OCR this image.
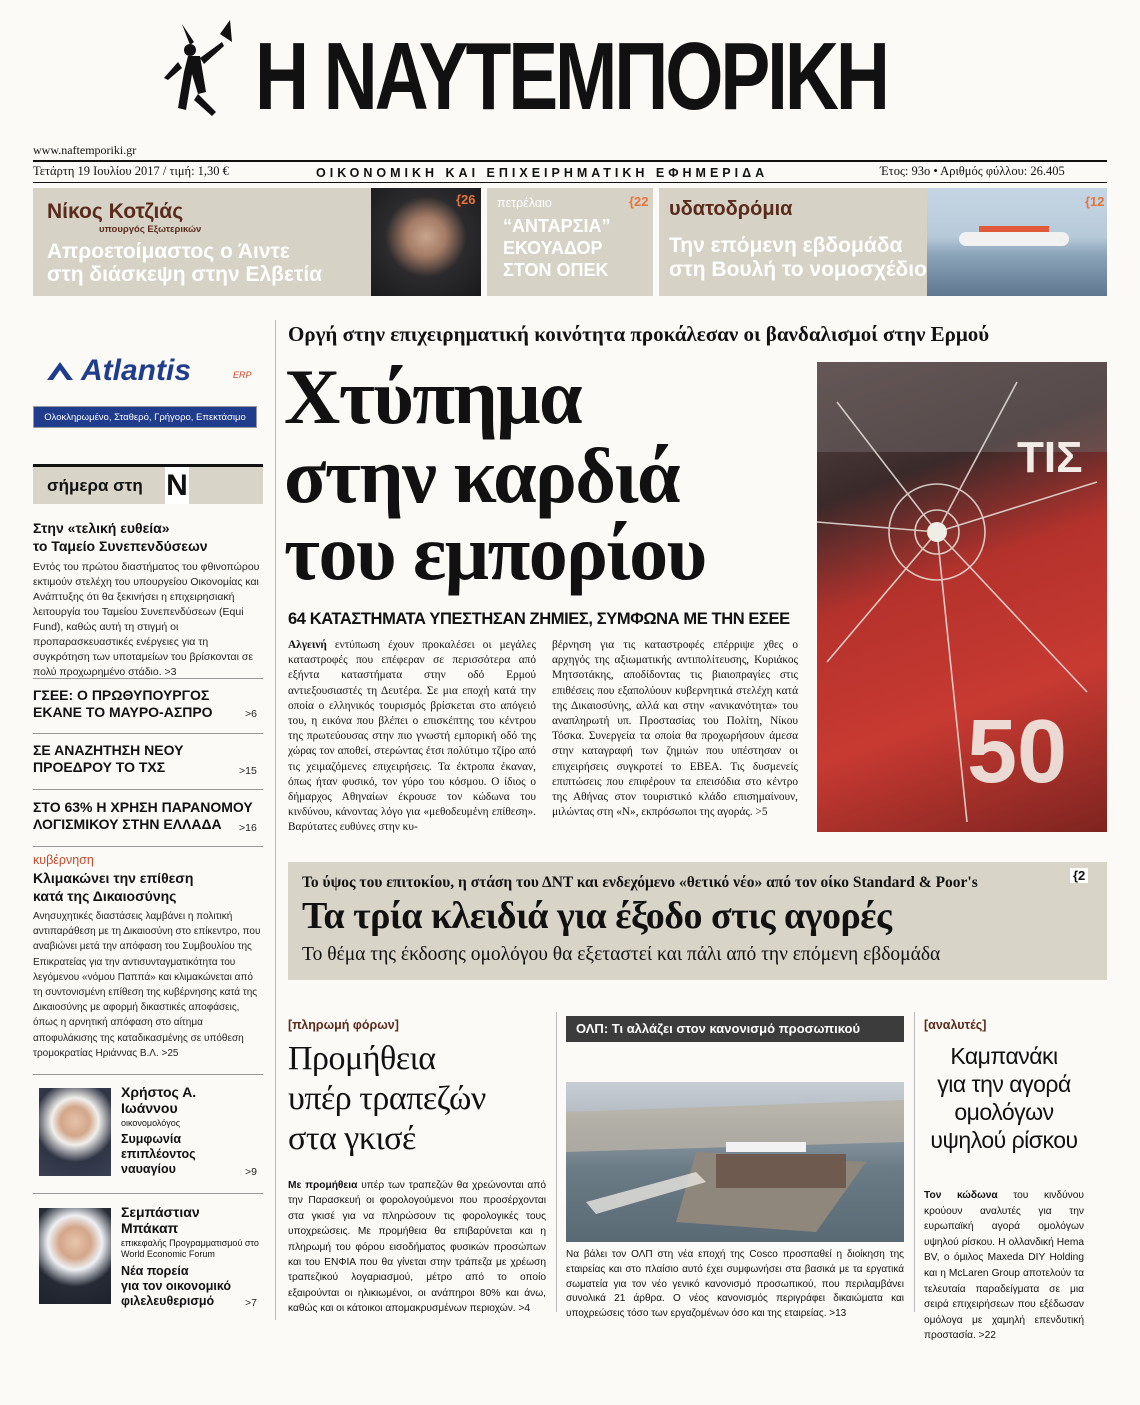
Η ΝΑΥΤΕΜΠΟΡΙΚΗ
www.naftemporiki.gr
Τετάρτη 19 Ιουλίου 2017 / τιμή: 1,30 €	ΟΙΚΟΝΟΜΙΚΗ ΚΑΙ ΕΠΙΧΕΙΡΗΜΑΤΙΚΗ ΕΦΗΜΕΡΙΔΑ	Έτος: 93ο • Αριθμός φύλλου: 26.405
Νίκος Κοτζιάς
υπουργός Εξωτερικών
Απροετοίμαστος ο Άιντε
στη διάσκεψη στην Ελβετία
{26 πετρέλαιο	{22
“ΑΝΤΑΡΣΙΑ”
ΕΚΟΥΑΔΟΡ
ΣΤΟΝ ΟΠΕΚ
υδατοδρόμια
Την επόμενη εβδομάδα
στη Βουλή το νομοσχέδιο
{12
Atlantis	ERP
Ολοκληρωμένο, Σταθερό, Γρήγορο, Επεκτάσιμο
σήμερα στη N
Στην «τελική ευθεία»
το Ταμείο Συνεπενδύσεων
Εντός του πρώτου διαστήματος του φθινοπώρου εκτιμούν στελέχη του υπουργείου Οικονομίας και Ανάπτυξης ότι θα ξεκινήσει η επιχειρησιακή λειτουργία του Ταμείου Συνεπενδύσεων (Equi Fund), καθώς αυτή τη στιγμή οι προπαρασκευαστικές ενέργειες για τη συγκρότηση των υποταμείων του βρίσκονται σε πολύ προχωρημένο στάδιο. >3
ΓΣΕΕ: Ο ΠΡΩΘΥΠΟΥΡΓΟΣ
ΕΚΑΝΕ ΤΟ ΜΑΥΡΟ-ΑΣΠΡΟ	>6
ΣΕ ΑΝΑΖΗΤΗΣΗ ΝΕΟΥ
ΠΡΟΕΔΡΟΥ ΤΟ ΤΧΣ	>15
ΣΤΟ 63% Η ΧΡΗΣΗ ΠΑΡΑΝΟΜΟΥ
ΛΟΓΙΣΜΙΚΟΥ ΣΤΗΝ ΕΛΛΑΔΑ	>16
κυβέρνηση
Κλιμακώνει την επίθεση
κατά της Δικαιοσύνης
Ανησυχητικές διαστάσεις λαμβάνει η πολιτική αντιπαράθεση με τη Δικαιοσύνη στο επίκεντρο, που αναβιώνει μετά την απόφαση του Συμβουλίου της Επικρατείας για την αντισυνταγματικότητα του λεγόμενου «νόμου Παππά» και κλιμακώνεται από τη συντονισμένη επίθεση της κυβέρνησης κατά της Δικαιοσύνης με αφορμή δικαστικές αποφάσεις, όπως η αρνητική απόφαση στο αίτημα αποφυλάκισης της καταδικασμένης σε υπόθεση τρομοκρατίας Ηριάννας Β.Λ. >25
Χρήστος Α.
Ιωάννου
οικονομολόγος
Συμφωνία
επιπλέοντος
ναυαγίου	>9
Σεμπάστιαν
Μπάκαπ
επικεφαλής Προγραμματισμού στο World Economic Forum
Νέα πορεία
για τον οικονομικό
φιλελευθερισμό	>7
Οργή στην επιχειρηματική κοινότητα προκάλεσαν οι βανδαλισμοί στην Ερμού
Χτύπημα
στην καρδιά
του εμπορίου
64 ΚΑΤΑΣΤΗΜΑΤΑ ΥΠΕΣΤΗΣΑΝ ΖΗΜΙΕΣ, ΣΥΜΦΩΝΑ ΜΕ ΤΗΝ ΕΣΕΕ
Αλγεινή εντύπωση έχουν προκαλέσει οι μεγάλες καταστροφές που επέφεραν σε περισσότερα από εξήντα καταστήματα στην οδό Ερμού αντιεξουσιαστές τη Δευτέρα. Σε μια εποχή κατά την οποία ο ελληνικός τουρισμός βρίσκεται στο απόγειό του, η εικόνα που βλέπει ο επισκέπτης του κέντρου της πρωτεύουσας στην πιο γνωστή εμπορική οδό της χώρας τον αποθεί, στερώντας έτσι πολύτιμο τζίρο από τις χειμαζόμενες επιχειρήσεις. Τα έκτροπα έκαναν, όπως ήταν φυσικό, τον γύρο του κόσμου. Ο ίδιος ο δήμαρχος Αθηναίων έκρουσε τον κώδωνα του κινδύνου, κάνοντας λόγο για «μεθοδευμένη επίθεση». Βαρύτατες ευθύνες στην κυ-
βέρνηση για τις καταστροφές επέρριψε χθες ο αρχηγός της αξιωματικής αντιπολίτευσης, Κυριάκος Μητσοτάκης, αποδίδοντας τις βιαιοπραγίες στις επιθέσεις που εξαπολύουν κυβερνητικά στελέχη κατά της Δικαιοσύνης, αλλά και στην «ανικανότητα» του αναπληρωτή υπ. Προστασίας του Πολίτη, Νίκου Τόσκα. Συνεργεία τα οποία θα προχωρήσουν άμεσα στην καταγραφή των ζημιών που υπέστησαν οι επιχειρήσεις συγκροτεί το ΕΒΕΑ. Τις δυσμενείς επιπτώσεις που επιφέρουν τα επεισόδια στο κέντρο της Αθήνας στον τουριστικό κλάδο επισημαίνουν, μιλώντας στη «Ν», εκπρόσωποι της αγοράς. >5
ΤΙΣ
50
Το ύψος του επιτοκίου, η στάση του ΔΝΤ και ενδεχόμενο «θετικό νέο» από τον οίκο Standard & Poor's	{2
Τα τρία κλειδιά για έξοδο στις αγορές
Το θέμα της έκδοσης ομολόγου θα εξεταστεί και πάλι από την επόμενη εβδομάδα
[πληρωμή φόρων]
Προμήθεια
υπέρ τραπεζών
στα γκισέ
Με προμήθεια υπέρ των τραπεζών θα χρεώνονται από την Παρασκευή οι φορολογούμενοι που προσέρχονται στα γκισέ για να πληρώσουν τις φορολογικές τους υποχρεώσεις. Με προμήθεια θα επιβαρύνεται και η πληρωμή του φόρου εισοδήματος φυσικών προσώπων και του ΕΝΦΙΑ που θα γίνεται στην τράπεζα με χρέωση τραπεζικού λογαριασμού, μέτρο από το οποίο εξαιρούνται οι ηλικιωμένοι, οι ανάπηροι 80% και άνω, καθώς και οι κάτοικοι απομακρυσμένων περιοχών. >4
ΟΛΠ: Τι αλλάζει στον κανονισμό προσωπικού
Να βάλει τον ΟΛΠ στη νέα εποχή της Cosco προσπαθεί η διοίκηση της εταιρείας και στο πλαίσιο αυτό έχει συμφωνήσει στα βασικά με τα εργατικά σωματεία για τον νέο γενικό κανονισμό προσωπικού, που περιλαμβάνει συνολικά 21 άρθρα. Ο νέος κανονισμός περιγράφει δικαιώματα και υποχρεώσεις τόσο των εργαζομένων όσο και της εταιρείας. >13
[αναλυτές]
Καμπανάκι
για την αγορά
ομολόγων
υψηλού ρίσκου
Τον κώδωνα του κινδύνου κρούουν αναλυτές για την ευρωπαϊκή αγορά ομολόγων υψηλού ρίσκου. Η ολλανδική Hema BV, ο όμιλος Maxeda DIY Holding και η McLaren Group αποτελούν τα τελευταία παραδείγματα σε μια σειρά επιχειρήσεων που εξέδωσαν ομόλογα με χαμηλή επενδυτική προστασία. >22
